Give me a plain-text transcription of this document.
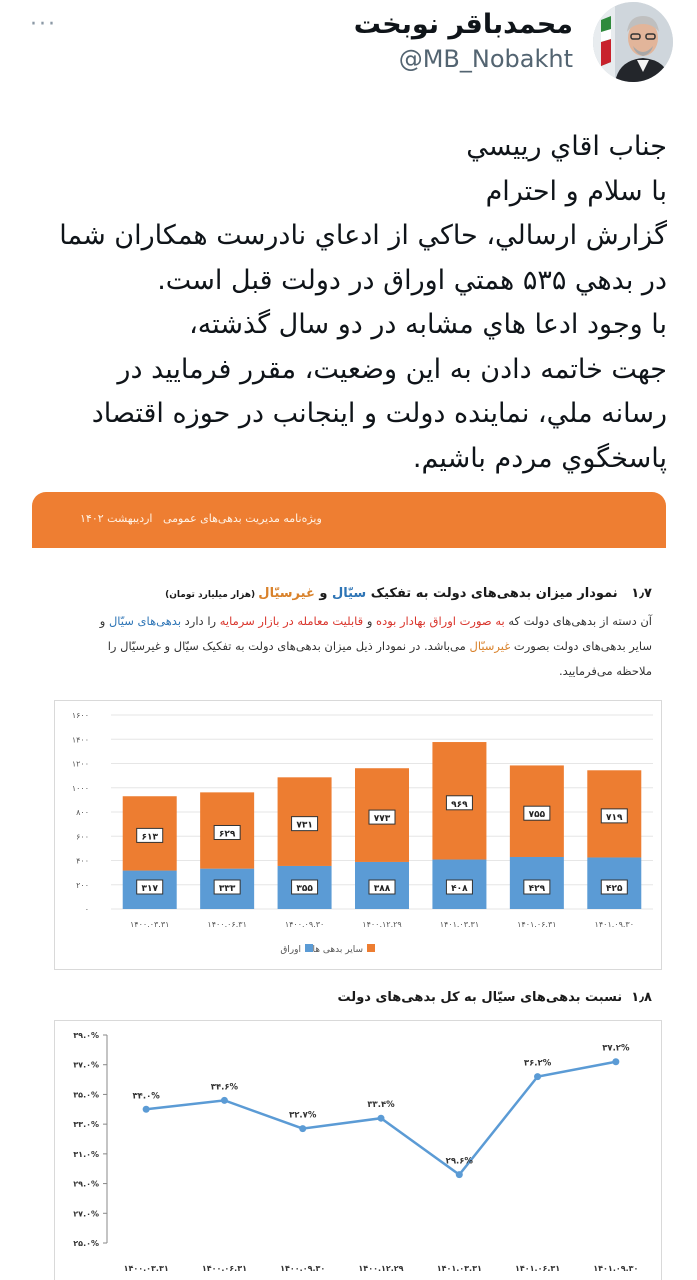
محمدباقر نوبخت
@MB_Nobakht
···

جناب اقاي رييسي

با سلام و احترام

گزارش ارسالي، حاکي از ادعاي نادرست همکاران شما

در بدهي ۵۳۵ همتي اوراق در دولت قبل است.

با وجود ادعا هاي مشابه در دو سال گذشته،

جهت خاتمه دادن به اين وضعيت، مقرر فرماييد در

رسانه ملي، نماينده دولت و اينجانب در حوزه اقتصاد

پاسخگوي مردم باشيم.

ویژه‌نامه مدیریت بدهی‌های عمومی   اردیبهشت ۱۴۰۲
۱٫۷   نمودار میزان بدهی‌های دولت به تفکیک سیّال و غیرسیّال (هزار میلیارد تومان)

آن دسته از بدهی‌های دولت که به صورت اوراق بهادار بوده و قابلیت معامله در بازار سرمایه را دارد بدهی‌های سیّال و

سایر بدهی‌های دولت بصورت غیرسیّال می‌باشد. در نمودار ذیل میزان بدهی‌های دولت به تفکیک سیّال و غیرسیّال را

ملاحظه می‌فرمایید.

۰
۲۰۰
۴۰۰
۶۰۰
۸۰۰
۱۰۰۰
۱۲۰۰
۱۴۰۰
۱۶۰۰
۳۱۷
۶۱۳
۱۴۰۰.۰۳.۳۱
۳۳۳
۶۲۹
۱۴۰۰.۰۶.۳۱
۳۵۵
۷۳۱
۱۴۰۰.۰۹.۳۰
۳۸۸
۷۷۳
۱۴۰۰.۱۲.۲۹
۴۰۸
۹۶۹
۱۴۰۱.۰۳.۳۱
۴۲۹
۷۵۵
۱۴۰۱.۰۶.۳۱
۴۲۵
۷۱۹
۱۴۰۱.۰۹.۳۰
سایر بدهی ها
اوراق
۱٫۸  نسبت بدهی‌های سیّال به کل بدهی‌های دولت
۲۵.۰%
۲۷.۰%
۲۹.۰%
۳۱.۰%
۳۳.۰%
۳۵.۰%
۳۷.۰%
۳۹.۰%
۳۴.۰%
۱۴۰۰.۰۳.۳۱
۳۴.۶%
۱۴۰۰.۰۶.۳۱
۳۲.۷%
۱۴۰۰.۰۹.۳۰
۳۳.۴%
۱۴۰۰.۱۲.۲۹
۲۹.۶%
۱۴۰۱.۰۳.۳۱
۳۶.۲%
۱۴۰۱.۰۶.۳۱
۳۷.۲%
۱۴۰۱.۰۹.۳۰
